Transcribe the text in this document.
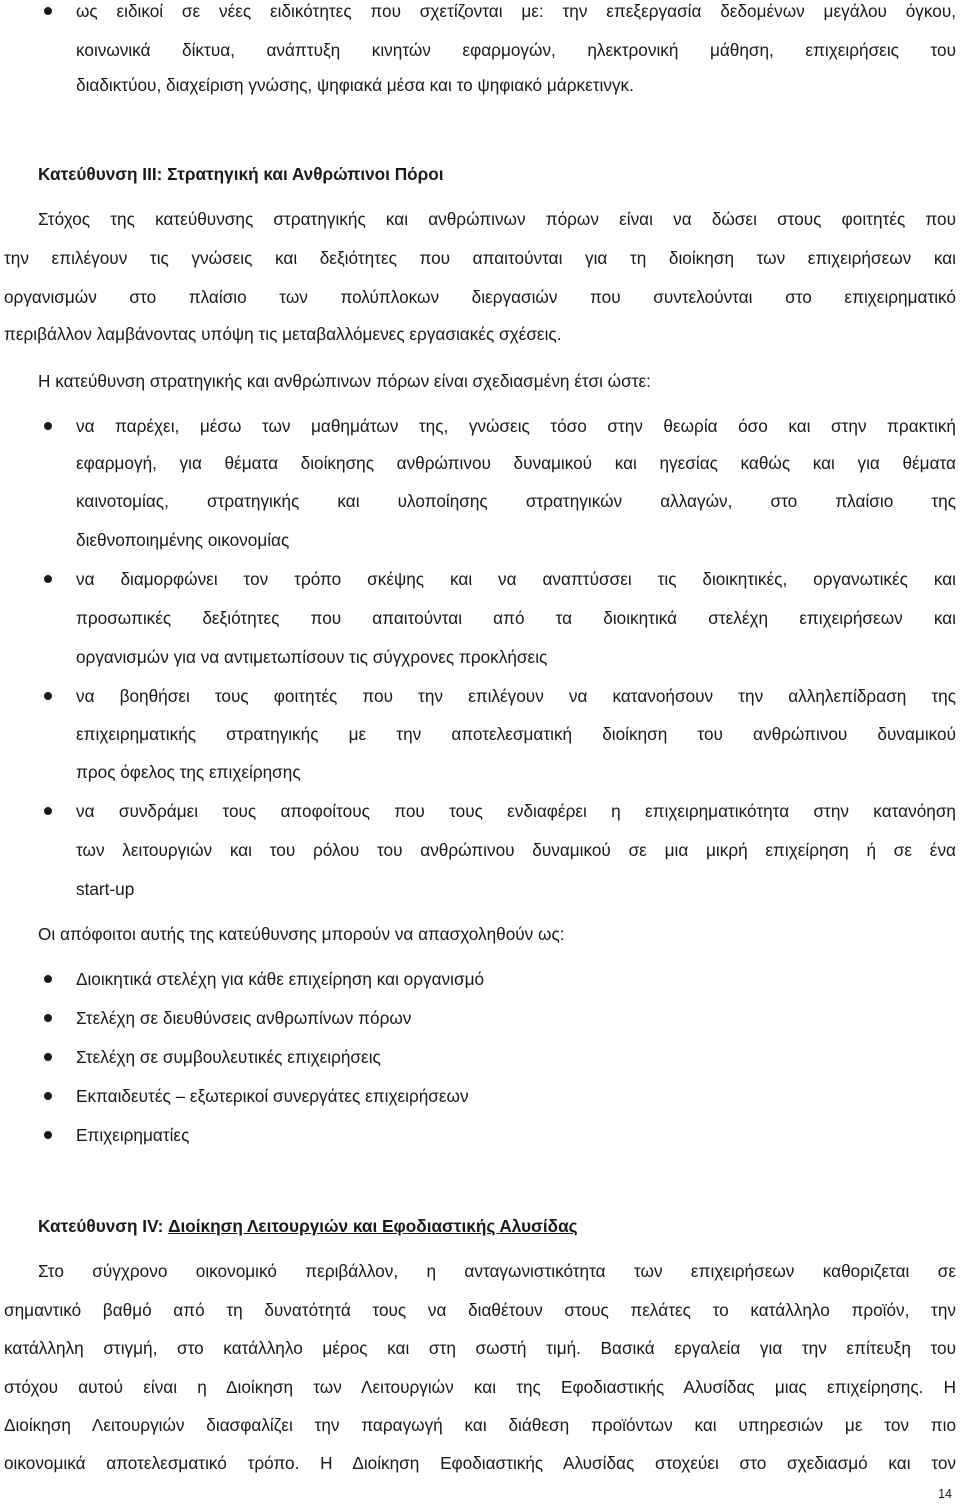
ως ειδικοί σε νέες ειδικότητες που σχετίζονται με: την επεξεργασία δεδομένων μεγάλου όγκου,
κοινωνικά δίκτυα, ανάπτυξη κινητών εφαρμογών, ηλεκτρονική μάθηση, επιχειρήσεις του
διαδικτύου, διαχείριση γνώσης, ψηφιακά μέσα και το ψηφιακό μάρκετινγκ.
Κατεύθυνση ΙΙΙ: Στρατηγική και Ανθρώπινοι Πόροι
Στόχος της κατεύθυνσης στρατηγικής και ανθρώπινων πόρων είναι να δώσει στους φοιτητές που
την επιλέγουν τις γνώσεις και δεξιότητες που απαιτούνται για τη διοίκηση των επιχειρήσεων και
οργανισμών στο πλαίσιο των πολύπλοκων διεργασιών που συντελούνται στο επιχειρηματικό
περιβάλλον λαμβάνοντας υπόψη τις μεταβαλλόμενες εργασιακές σχέσεις.
Η κατεύθυνση στρατηγικής και ανθρώπινων πόρων είναι σχεδιασμένη έτσι ώστε:
να παρέχει, μέσω των μαθημάτων της, γνώσεις τόσο στην θεωρία όσο και στην πρακτική
εφαρμογή, για θέματα διοίκησης ανθρώπινου δυναμικού και ηγεσίας καθώς και για θέματα
καινοτομίας, στρατηγικής και υλοποίησης στρατηγικών αλλαγών, στο πλαίσιο της
διεθνοποιημένης οικονομίας
να διαμορφώνει τον τρόπο σκέψης και να αναπτύσσει τις διοικητικές, οργανωτικές και
προσωπικές δεξιότητες που απαιτούνται από τα διοικητικά στελέχη επιχειρήσεων και
οργανισμών για να αντιμετωπίσουν τις σύγχρονες προκλήσεις
να βοηθήσει τους φοιτητές που την επιλέγουν να κατανοήσουν την αλληλεπίδραση της
επιχειρηματικής στρατηγικής με την αποτελεσματική διοίκηση του ανθρώπινου δυναμικού
προς όφελος της επιχείρησης
να συνδράμει τους αποφοίτους που τους ενδιαφέρει η επιχειρηματικότητα στην κατανόηση
των λειτουργιών και του ρόλου του ανθρώπινου δυναμικού σε μια μικρή επιχείρηση ή σε ένα
start-up
Οι απόφοιτοι αυτής της κατεύθυνσης μπορούν να απασχοληθούν ως:
Διοικητικά στελέχη για κάθε επιχείρηση και οργανισμό
Στελέχη σε διευθύνσεις ανθρωπίνων πόρων
Στελέχη σε συμβουλευτικές επιχειρήσεις
Εκπαιδευτές – εξωτερικοί συνεργάτες επιχειρήσεων
Επιχειρηματίες
Κατεύθυνση IV: Διοίκηση Λειτουργιών και Εφοδιαστικής Αλυσίδας
Στο σύγχρονο οικονομικό περιβάλλον, η ανταγωνιστικότητα των επιχειρήσεων καθοριζεται σε
σημαντικό βαθμό από τη δυνατότητά τους να διαθέτουν στους πελάτες το κατάλληλο προϊόν, την
κατάλληλη στιγμή, στο κατάλληλο μέρος και στη σωστή τιμή. Βασικά εργαλεία για την επίτευξη του
στόχου αυτού είναι η Διοίκηση των Λειτουργιών και της Εφοδιαστικής Αλυσίδας μιας επιχείρησης. Η
Διοίκηση Λειτουργιών διασφαλίζει την παραγωγή και διάθεση προϊόντων και υπηρεσιών με τον πιο
οικονομικά αποτελεσματικό τρόπο. Η Διοίκηση Εφοδιαστικής Αλυσίδας στοχεύει στο σχεδιασμό και τον
14
